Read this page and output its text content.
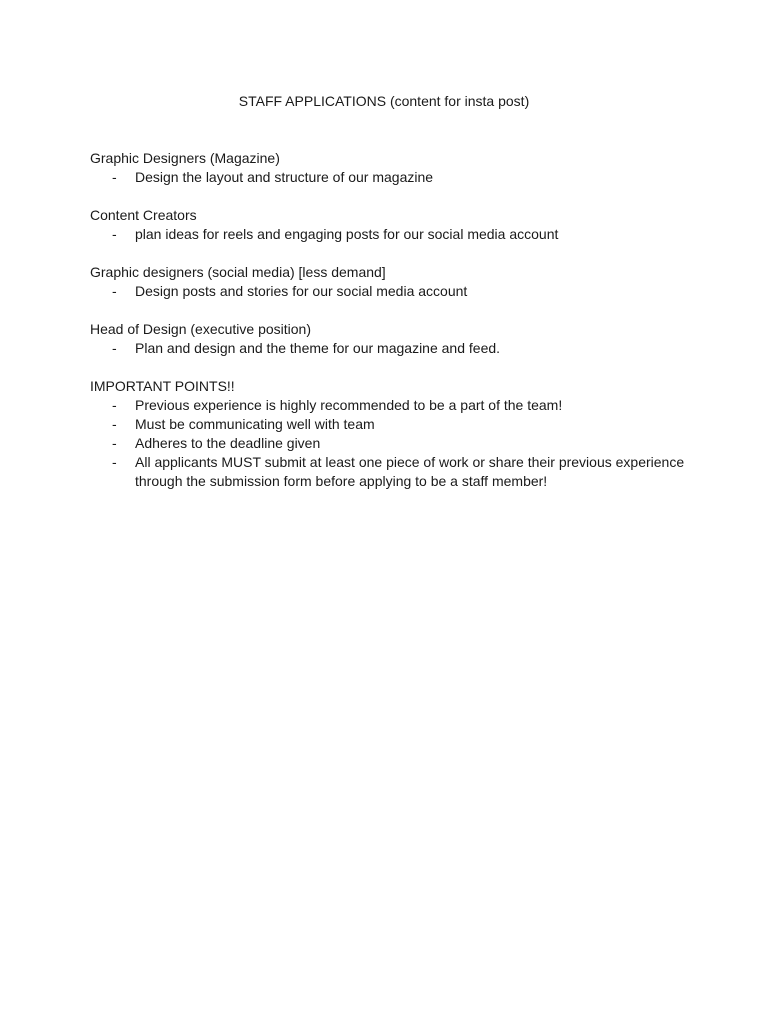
STAFF APPLICATIONS (content for insta post)

Graphic Designers (Magazine)

- Design the layout and structure of our magazine

Content Creators

- plan ideas for reels and engaging posts for our social media account

Graphic designers (social media) [less demand]

- Design posts and stories for our social media account

Head of Design (executive position)

- Plan and design and the theme for our magazine and feed.

IMPORTANT POINTS!!

- Previous experience is highly recommended to be a part of the team!
- Must be communicating well with team
- Adheres to the deadline given
- All applicants MUST submit at least one piece of work or share their previous experience through the submission form before applying to be a staff member!
